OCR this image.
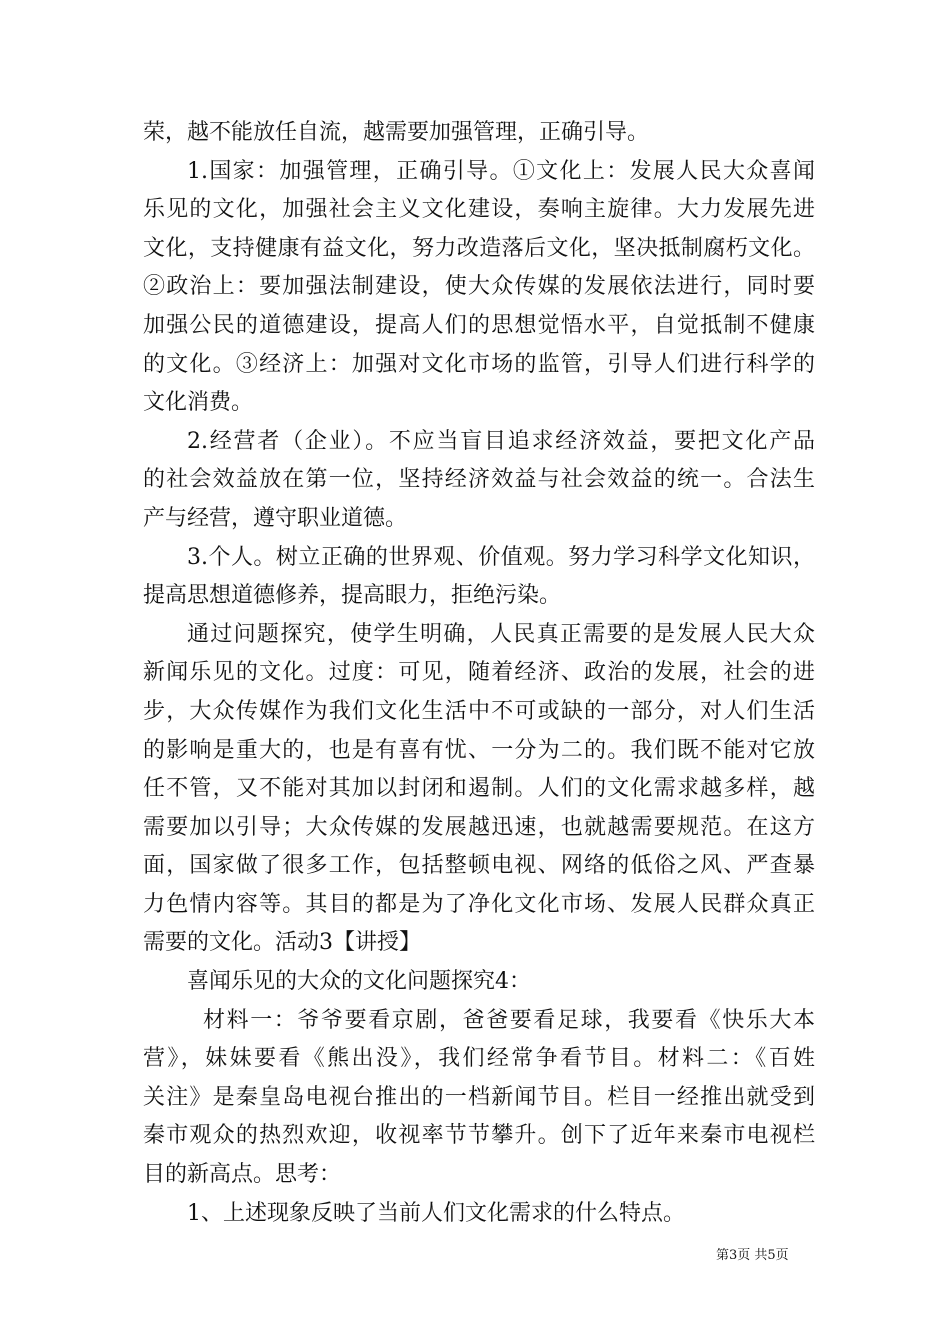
荣，越不能放任自流，越需要加强管理，正确引导。
1.国家：加强管理，正确引导。①文化上：发展人民大众喜闻
乐见的文化，加强社会主义文化建设，奏响主旋律。大力发展先进
文化，支持健康有益文化，努力改造落后文化，坚决抵制腐朽文化。
②政治上：要加强法制建设，使大众传媒的发展依法进行，同时要
加强公民的道德建设，提高人们的思想觉悟水平，自觉抵制不健康
的文化。③经济上：加强对文化市场的监管，引导人们进行科学的
文化消费。
2.经营者（企业）。不应当盲目追求经济效益，要把文化产品
的社会效益放在第一位，坚持经济效益与社会效益的统一。合法生
产与经营，遵守职业道德。
3.个人。树立正确的世界观、价值观。努力学习科学文化知识，
提高思想道德修养，提高眼力，拒绝污染。
通过问题探究，使学生明确，人民真正需要的是发展人民大众
新闻乐见的文化。过度：可见，随着经济、政治的发展，社会的进
步，大众传媒作为我们文化生活中不可或缺的一部分，对人们生活
的影响是重大的，也是有喜有忧、一分为二的。我们既不能对它放
任不管，又不能对其加以封闭和遏制。人们的文化需求越多样，越
需要加以引导；大众传媒的发展越迅速，也就越需要规范。在这方
面，国家做了很多工作，包括整顿电视、网络的低俗之风、严查暴
力色情内容等。其目的都是为了净化文化市场、发展人民群众真正
需要的文化。活动3【讲授】
喜闻乐见的大众的文化问题探究4：
材料一：爷爷要看京剧，爸爸要看足球，我要看《快乐大本
营》，妹妹要看《熊出没》，我们经常争看节目。材料二：《百姓
关注》是秦皇岛电视台推出的一档新闻节目。栏目一经推出就受到
秦市观众的热烈欢迎，收视率节节攀升。创下了近年来秦市电视栏
目的新高点。思考：
1、上述现象反映了当前人们文化需求的什么特点。
第3页 共5页
